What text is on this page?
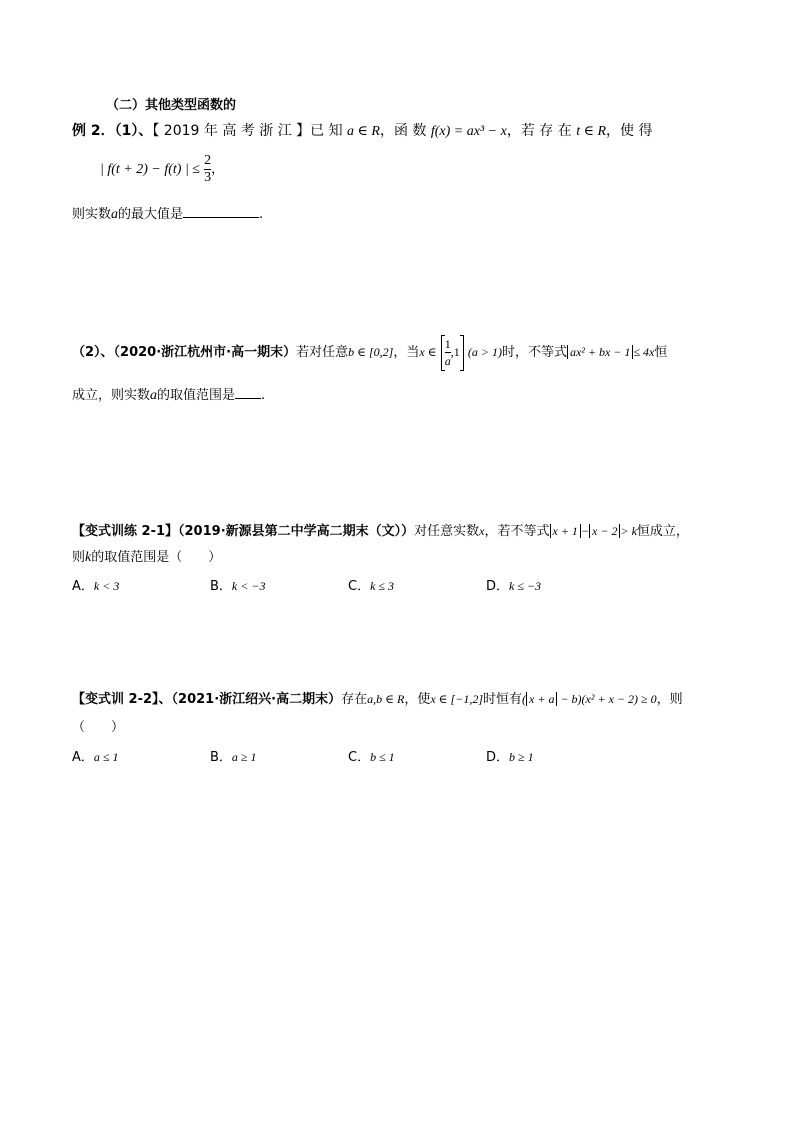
（二）其他类型函数的
例 2．（1）、【 2019 年 高 考 浙 江 】已 知 a ∈ R，函 数 f(x) = ax³ − x，若 存 在 t ∈ R，使 得
| f(t + 2) − f(t) | ≤ $\frac{2}{3}$ ，
则实数a的最大值是	.
（2）、（2020·浙江杭州市·高一期末）若对任意b ∈ [0,2]，当x ∈ $\frac{1}{a} ,1$ (a > 1)时，不等式 ax² + bx − 1 ≤ 4x恒
成立，则实数a的取值范围是 .
【变式训练 2-1】（2019·新源县第二中学高二期末（文））对任意实数x，若不等式 x + 1 − x − 2 > k恒成立，
则k的取值范围是（　　）
A．k < 3	B．k < −3	C．k ≤ 3	D．k ≤ −3
【变式训 2-2】、（2021·浙江绍兴·高二期末）存在a,b ∈ R，使x ∈ [−1,2]时恒有( x + a − b)(x² + x − 2) ≥ 0，则
（　　）
A．a ≤ 1	B．a ≥ 1	C．b ≤ 1	D．b ≥ 1
